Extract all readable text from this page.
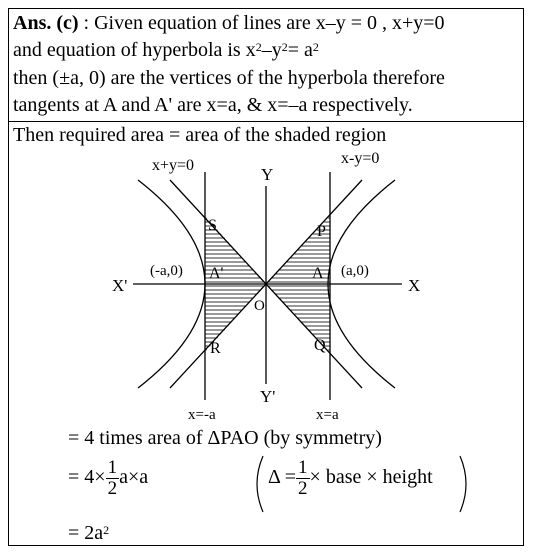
Ans. (c) : Given equation of lines are x–y = 0 , x+y=0
and equation of hyperbola is $x^2-y^2= a^2$
then (±a, 0) are the vertices of the hyperbola therefore
tangents at A and A' are x=a, & x=–a respectively.
Then required area = area of the shaded region
x+y=0	x-y=0
Y
Y'
X
X'
S	P
R	Q
A
A'
O
(-a,0)	(a,0)
x=-a	x=a
= 4 times area of ΔPAO (by symmetry)
= $4\times \frac{1}{2} a\times a$	$\Delta = \frac{1}{2}$ × base × height
= $2a^2$
